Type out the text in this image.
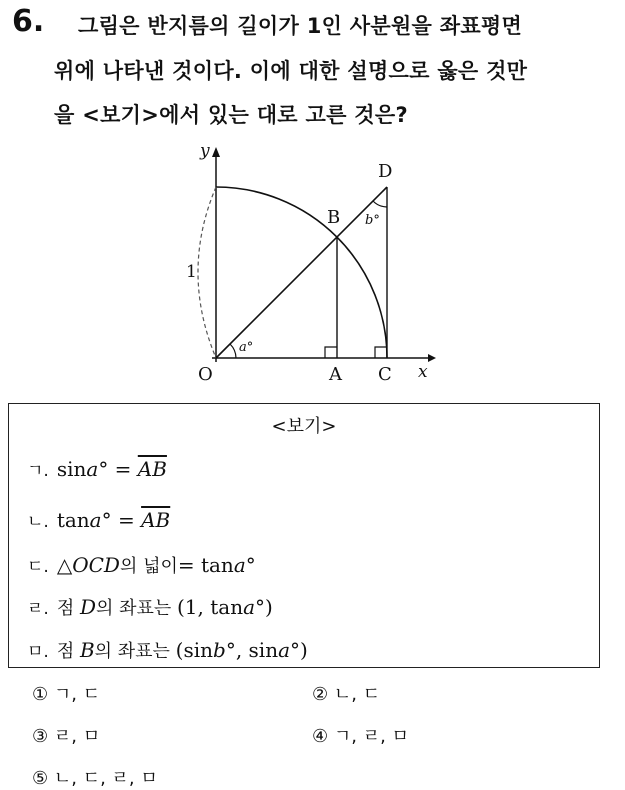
6. 그림은 반지름의 길이가 1인 사분원을 좌표평면
위에 나타낸 것이다. 이에 대한 설명으로 옳은 것만
을 <보기>에서 있는 대로 고른 것은?
y
x
O	A C
B
D
1
a°
b°
<보기>
ㄱ. $\sin a^\circ = \overline{AB}$
ㄴ. $\tan a^\circ = \overline{AB}$
ㄷ. △OCD의 넓이= tana°
ㄹ. 점 D의 좌표는 (1, tana°)
ㅁ. 점 B의 좌표는 (sinb°, sina°)
① ㄱ, ㄷ	② ㄴ, ㄷ
③ ㄹ, ㅁ	④ ㄱ, ㄹ, ㅁ
⑤ ㄴ, ㄷ, ㄹ, ㅁ
